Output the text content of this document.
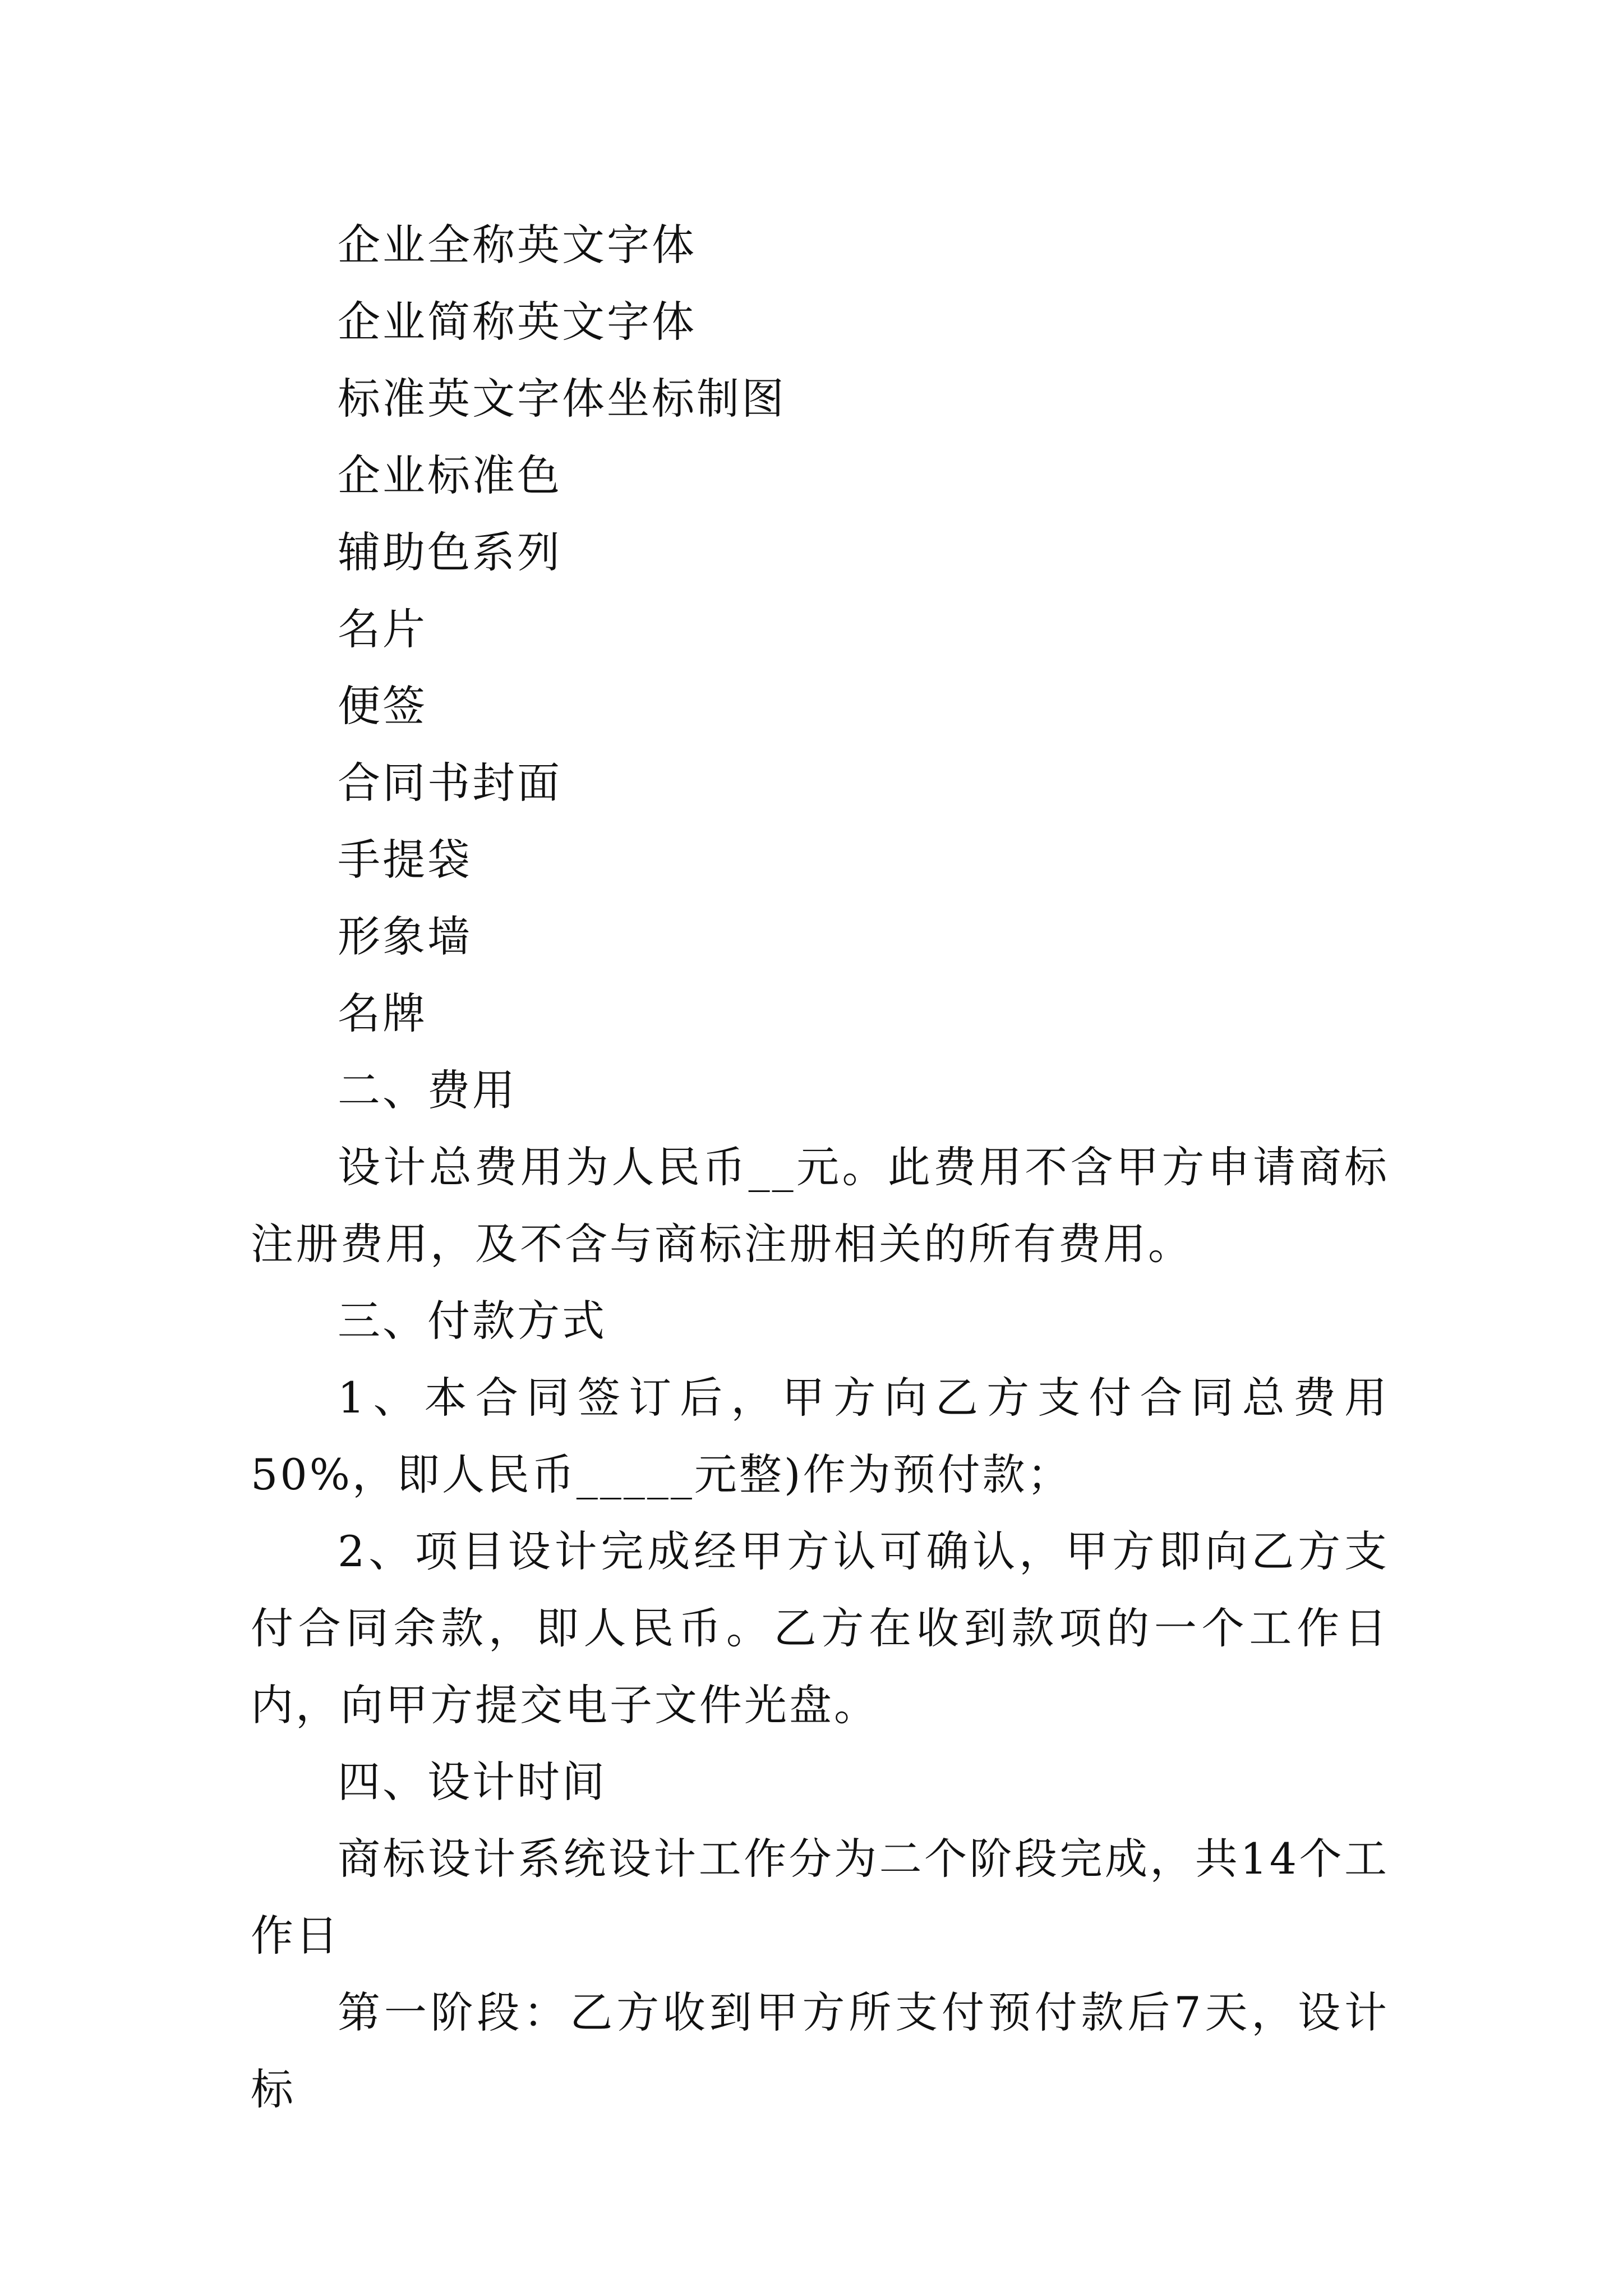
企业全称英文字体
企业简称英文字体
标准英文字体坐标制图
企业标准色
辅助色系列
名片
便签
合同书封面
手提袋
形象墙
名牌
二、费用
设计总费用为人民币__元。此费用不含甲方申请商标注册费用，及不含与商标注册相关的所有费用。
三、付款方式
1、本合同签订后，甲方向乙方支付合同总费用50%，即人民币_____元整)作为预付款；
2、项目设计完成经甲方认可确认，甲方即向乙方支付合同余款，即人民币。乙方在收到款项的一个工作日内，向甲方提交电子文件光盘。
四、设计时间
商标设计系统设计工作分为二个阶段完成，共14个工作日
第一阶段：乙方收到甲方所支付预付款后7天，设计标
